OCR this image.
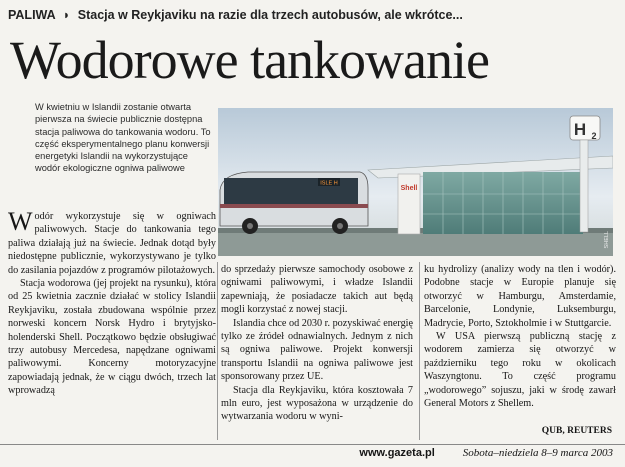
PALIWA ◗ Stacja w Reykjaviku na razie dla trzech autobusów, ale wkrótce...
Wodorowe tankowanie
W kwietniu w Islandii zostanie otwarta pierwsza na świecie publicznie dostępna stacja paliwowa do tankowania wodoru. To część eksperymentalnego planu konwersji energetyki Islandii na wykorzystujące wodór ekologiczne ogniwa paliwowe
Shell
H 2
ISLE H
SHELL

Wodór wykorzystuje się w ogniwach paliwowych. Stacje do tankowania tego paliwa działają już na świecie. Jednak dotąd były niedostępne publicznie, wykorzystywano je tylko do zasilania pojazdów z programów pilotażowych.

Stacja wodorowa (jej projekt na rysunku), która od 25 kwietnia zacznie działać w stolicy Islandii Reykjaviku, została zbudowana wspólnie przez norweski koncern Norsk Hydro i brytyjsko-holenderski Shell. Początkowo będzie obsługiwać trzy autobusy Mercedesa, napędzane ogniwami paliwowymi. Koncerny motoryzacyjne zapowiadają jednak, że w ciągu dwóch, trzech lat wprowadzą

do sprzedaży pierwsze samochody osobowe z ogniwami paliwowymi, i władze Islandii zapewniają, że posiadacze takich aut będą mogli korzystać z nowej stacji.

Islandia chce od 2030 r. pozyskiwać energię tylko ze źródeł odnawialnych. Jednym z nich są ogniwa paliwowe. Projekt konwersji transportu Islandii na ogniwa paliwowe jest sponsorowany przez UE.

Stacja dla Reykjaviku, która kosztowała 7 mln euro, jest wyposażona w urządzenie do wytwarzania wodoru w wyni-

ku hydrolizy (analizy wody na tlen i wodór). Podobne stacje w Europie planuje się otworzyć w Hamburgu, Amsterdamie, Barcelonie, Londynie, Luksemburgu, Madrycie, Porto, Sztokholmie i w Stuttgarcie.

W USA pierwszą publiczną stację z wodorem zamierza się otworzyć w październiku tego roku w okolicach Waszyngtonu. To część programu „wodorowego” sojuszu, jaki w środę zawarł General Motors z Shellem.

QUB, REUTERS
www.gazeta.pl	Sobota–niedziela 8–9 marca 2003
